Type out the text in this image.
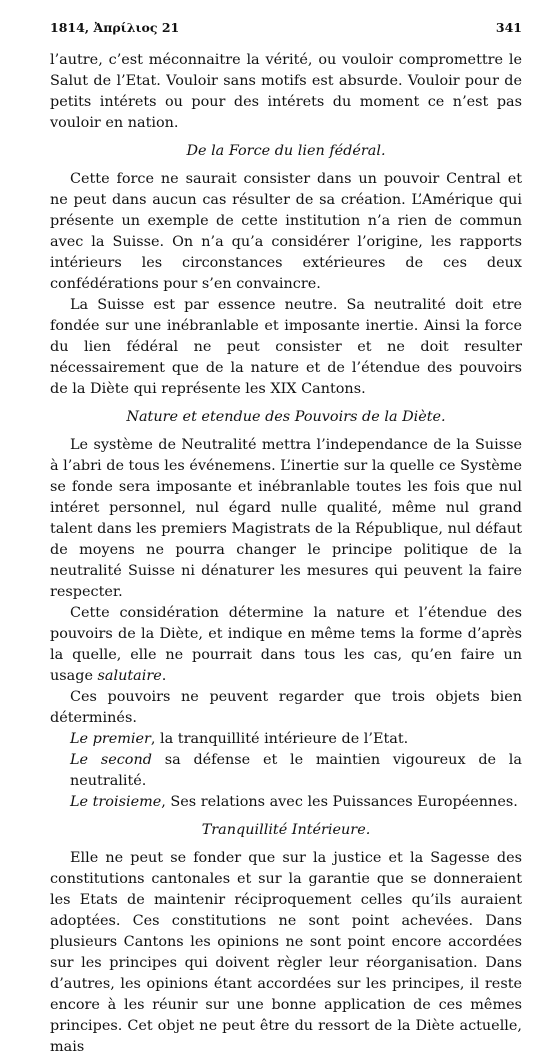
1814, Ἀπρίλιος 21	341

l’autre, c’est méconnaitre la vérité, ou vouloir compromettre le Salut de l’Etat. Vouloir sans motifs est absurde. Vouloir pour de petits intérets ou pour des intérets du moment ce n’est pas vouloir en nation.

De la Force du lien fédéral.

Cette force ne saurait consister dans un pouvoir Central et ne peut dans aucun cas résulter de sa création. L’Amérique qui présente un exemple de cette institution n’a rien de commun avec la Suisse. On n’a qu’a considérer l’origine, les rapports intérieurs les circonstances extérieures de ces deux confédérations pour s’en convaincre.

La Suisse est par essence neutre. Sa neutralité doit etre fondée sur une inébranlable et imposante inertie. Ainsi la force du lien fédéral ne peut consister et ne doit resulter nécessairement que de la nature et de l’étendue des pouvoirs de la Diète qui représente les XIX Cantons.

Nature et etendue des Pouvoirs de la Diète.

Le système de Neutralité mettra l’independance de la Suisse à l’abri de tous les événemens. L’inertie sur la quelle ce Système se fonde sera imposante et inébranlable toutes les fois que nul intéret personnel, nul égard nulle qualité, même nul grand talent dans les premiers Magistrats de la République, nul défaut de moyens ne pourra changer le principe politique de la neutralité Suisse ni dénaturer les mesures qui peuvent la faire respecter.

Cette considération détermine la nature et l’étendue des pouvoirs de la Diète, et indique en même tems la forme d’après la quelle, elle ne pourrait dans tous les cas, qu’en faire un usage salutaire.

Ces pouvoirs ne peuvent regarder que trois objets bien déterminés.

Le premier, la tranquillité intérieure de l’Etat.

Le second sa défense et le maintien vigoureux de la neutralité.

Le troisieme, Ses relations avec les Puissances Européennes.

Tranquillité Intérieure.

Elle ne peut se fonder que sur la justice et la Sagesse des constitutions cantonales et sur la garantie que se donneraient les Etats de maintenir réciproquement celles qu’ils auraient adoptées. Ces constitutions ne sont point achevées. Dans plusieurs Cantons les opinions ne sont point encore accordées sur les principes qui doivent règler leur réorganisation. Dans d’autres, les opinions étant accordées sur les principes, il reste encore à les réunir sur une bonne application de ces mêmes principes. Cet objet ne peut être du ressort de la Diète actuelle, mais
